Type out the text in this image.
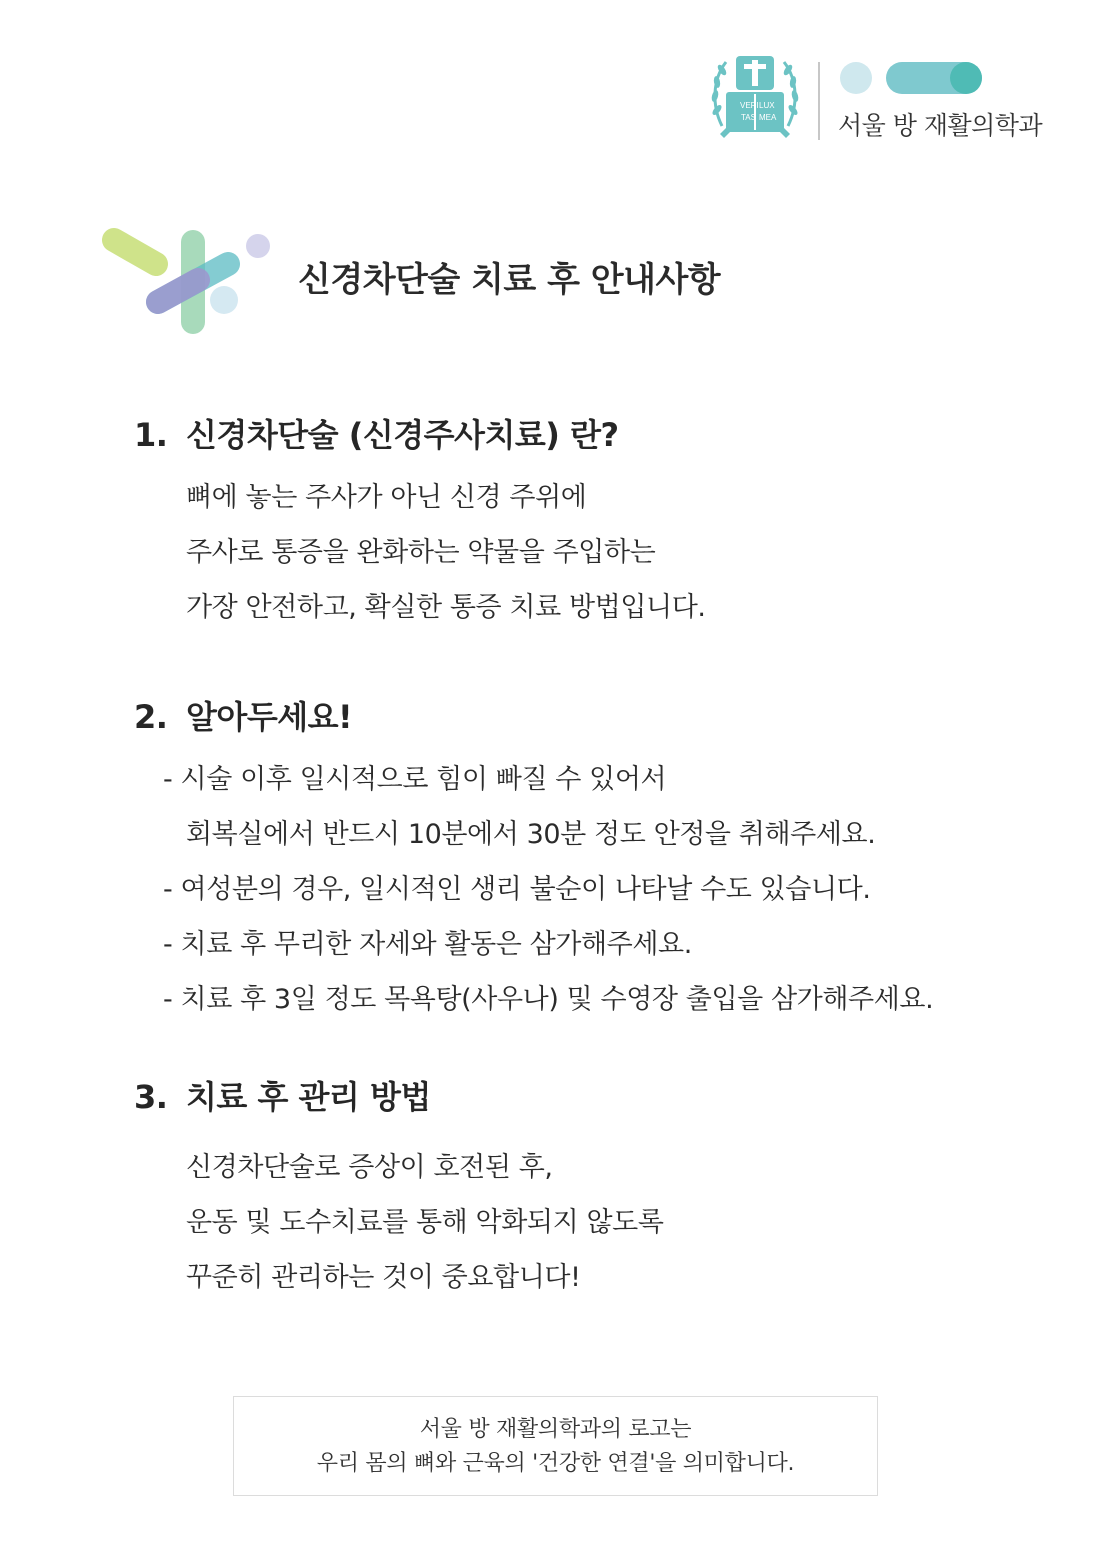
VERI
TAS
LUX
MEA 서울 방 재활의학과
신경차단술 치료 후 안내사항
1. 신경차단술 (신경주사치료) 란?
뼈에 놓는 주사가 아닌 신경 주위에
주사로 통증을 완화하는 약물을 주입하는
가장 안전하고, 확실한 통증 치료 방법입니다.
2. 알아두세요!
- 시술 이후 일시적으로 힘이 빠질 수 있어서
회복실에서 반드시 10분에서 30분 정도 안정을 취해주세요.
- 여성분의 경우, 일시적인 생리 불순이 나타날 수도 있습니다.
- 치료 후 무리한 자세와 활동은 삼가해주세요.
- 치료 후 3일 정도 목욕탕(사우나) 및 수영장 출입을 삼가해주세요.
3. 치료 후 관리 방법
신경차단술로 증상이 호전된 후,
운동 및 도수치료를 통해 악화되지 않도록
꾸준히 관리하는 것이 중요합니다!
서울 방 재활의학과의 로고는
우리 몸의 뼈와 근육의 '건강한 연결'을 의미합니다.
